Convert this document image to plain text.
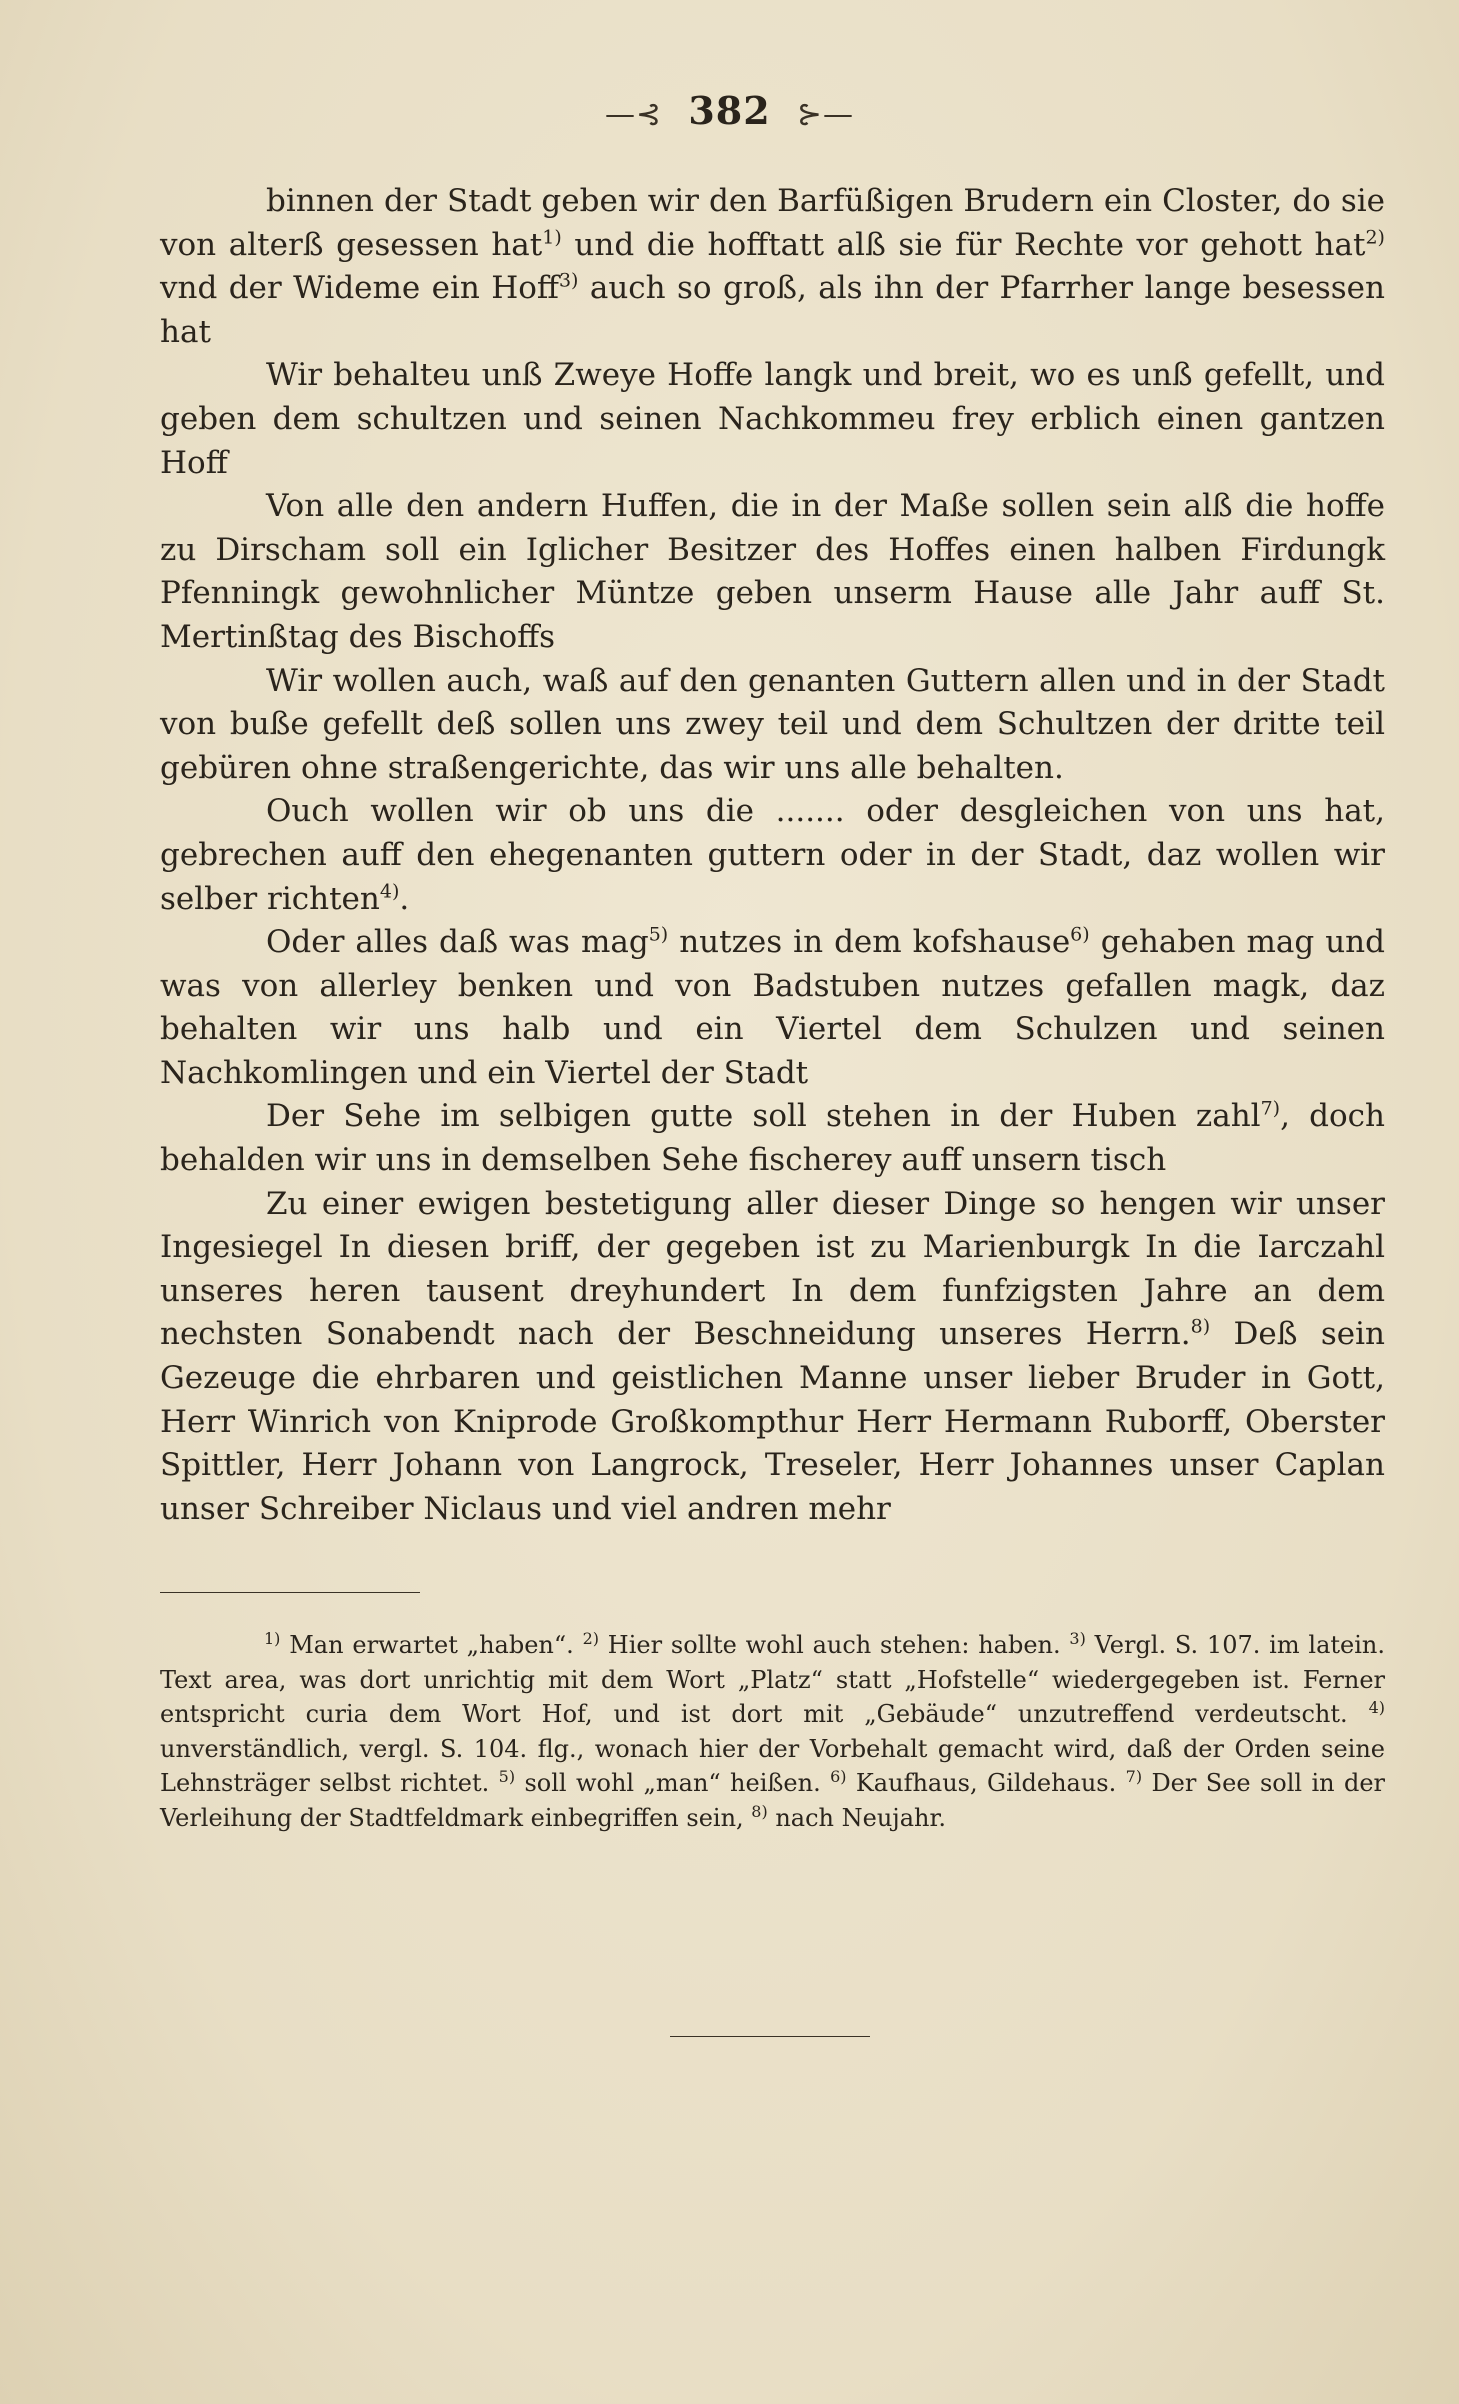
—⊰ 382 ⊱—

binnen der Stadt geben wir den Barfüßigen Brudern ein Closter, do sie von alterß gesessen hat$^{1)}$ und die hofftatt alß sie für Rechte vor gehott hat$^{2)}$ vnd der Wideme ein Hoff$^{3)}$ auch so groß, als ihn der Pfarrher lange besessen hat

Wir behalteu unß Zweye Hoffe langk und breit, wo es unß gefellt, und geben dem schultzen und seinen Nachkommeu frey erblich einen gantzen Hoff

Von alle den andern Huffen, die in der Maße sollen sein alß die hoffe zu Dirscham soll ein Iglicher Besitzer des Hoffes einen halben Firdungk Pfenningk gewohnlicher Müntze geben unserm Hause alle Jahr auff St. Mertinßtag des Bischoffs

Wir wollen auch, waß auf den genanten Guttern allen und in der Stadt von buße gefellt deß sollen uns zwey teil und dem Schultzen der dritte teil gebüren ohne straßengerichte, das wir uns alle behalten.

Ouch wollen wir ob uns die ....... oder desgleichen von uns hat, gebrechen auff den ehegenanten guttern oder in der Stadt, daz wollen wir selber richten$^{4)}$.

Oder alles daß was mag$^{5)}$ nutzes in dem kofshause$^{6)}$ gehaben mag und was von allerley benken und von Badstuben nutzes gefallen magk, daz behalten wir uns halb und ein Viertel dem Schulzen und seinen Nachkomlingen und ein Viertel der Stadt

Der Sehe im selbigen gutte soll stehen in der Huben zahl$^{7)}$, doch behalden wir uns in demselben Sehe fischerey auff unsern tisch

Zu einer ewigen bestetigung aller dieser Dinge so hengen wir unser Ingesiegel In diesen briff, der gegeben ist zu Marienburgk In die Iarczahl unseres heren tausent dreyhundert In dem funfzigsten Jahre an dem nechsten Sonabendt nach der Beschneidung unseres Herrn.$^{8)}$ Deß sein Gezeuge die ehrbaren und geistlichen Manne unser lieber Bruder in Gott, Herr Winrich von Kniprode Großkompthur Herr Hermann Ruborff, Oberster Spittler, Herr Johann von Langrock, Treseler, Herr Johannes unser Caplan unser Schreiber Niclaus und viel andren mehr

$^{1)}$ Man erwartet „haben“. $^{2)}$ Hier sollte wohl auch stehen: haben. $^{3)}$ Vergl. S. 107. im latein. Text area, was dort unrichtig mit dem Wort „Platz“ statt „Hofstelle“ wiedergegeben ist. Ferner entspricht curia dem Wort Hof, und ist dort mit „Gebäude“ unzutreffend verdeutscht. $^{4)}$ unverständlich, vergl. S. 104. flg., wonach hier der Vorbehalt gemacht wird, daß der Orden seine Lehnsträger selbst richtet. $^{5)}$ soll wohl „man“ heißen. $^{6)}$ Kaufhaus, Gildehaus. $^{7)}$ Der See soll in der Verleihung der Stadtfeldmark einbegriffen sein, $^{8)}$ nach Neujahr.
